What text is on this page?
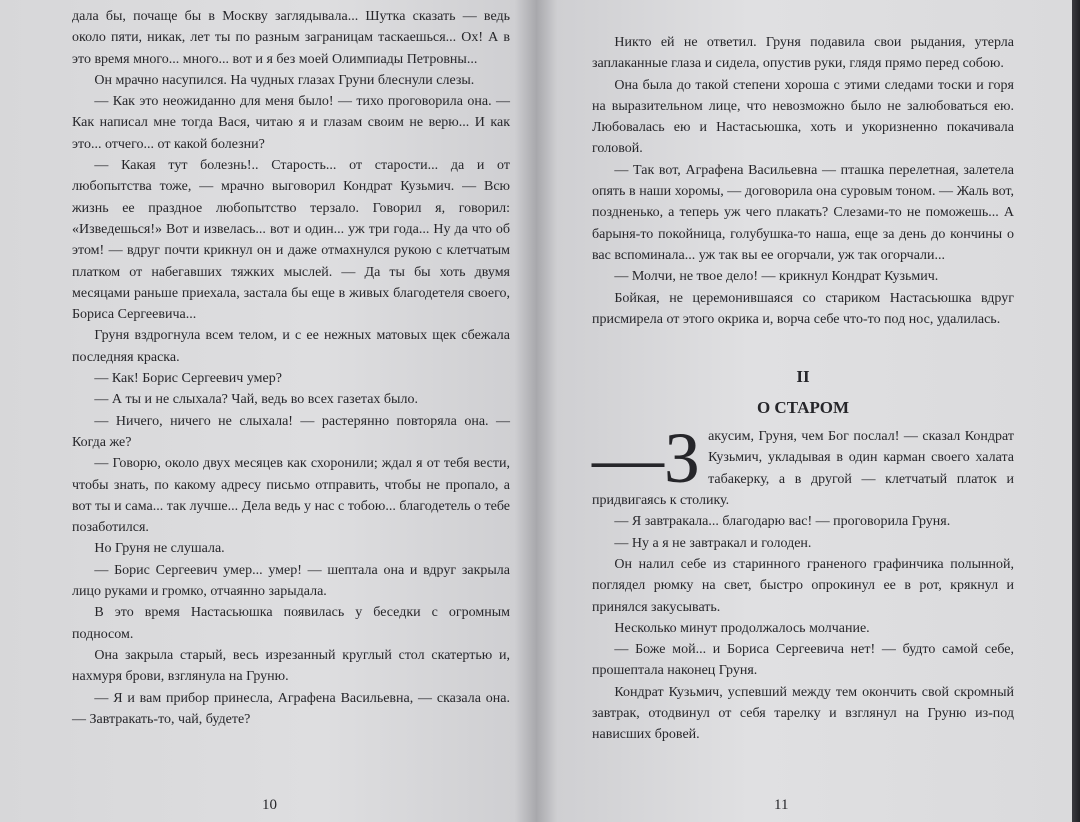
дала бы, почаще бы в Москву заглядывала... Шутка сказать — ведь около пяти, никак, лет ты по разным заграницам таскаешься... Ох! А в это время много... много... вот и я без моей Олимпиады Петровны...

Он мрачно насупился. На чудных глазах Груни блеснули слезы.

— Как это неожиданно для меня было! — тихо проговорила она. — Как написал мне тогда Вася, читаю я и глазам своим не верю... И как это... отчего... от какой болезни?

— Какая тут болезнь!.. Старость... от старости... да и от любопытства тоже, — мрачно выговорил Кондрат Кузьмич. — Всю жизнь ее праздное любопытство терзало. Говорил я, говорил: «Изведешься!» Вот и извелась... вот и один... уж три года... Ну да что об этом! — вдруг почти крикнул он и даже отмахнулся рукою с клетчатым платком от набегавших тяжких мыслей. — Да ты бы хоть двумя месяцами раньше приехала, застала бы еще в живых благодетеля своего, Бориса Сергеевича...

Груня вздрогнула всем телом, и с ее нежных матовых щек сбежала последняя краска.

— Как! Борис Сергеевич умер?

— А ты и не слыхала? Чай, ведь во всех газетах было.

— Ничего, ничего не слыхала! — растерянно повторяла она. — Когда же?

— Говорю, около двух месяцев как схоронили; ждал я от тебя вести, чтобы знать, по какому адресу письмо отправить, чтобы не пропало, а вот ты и сама... так лучше... Дела ведь у нас с тобою... благодетель о тебе позаботился.

Но Груня не слушала.

— Борис Сергеевич умер... умер! — шептала она и вдруг закрыла лицо руками и громко, отчаянно зарыдала.

В это время Настасьюшка появилась у беседки с огромным подносом.

Она закрыла старый, весь изрезанный круглый стол скатертью и, нахмуря брови, взглянула на Груню.

— Я и вам прибор принесла, Аграфена Васильевна, — сказала она. — Завтракать-то, чай, будете?

10

Никто ей не ответил. Груня подавила свои рыдания, утерла заплаканные глаза и сидела, опустив руки, глядя прямо перед собою.

Она была до такой степени хороша с этими следами тоски и горя на выразительном лице, что невозможно было не залюбоваться ею. Любовалась ею и Настасьюшка, хоть и укоризненно покачивала головой.

— Так вот, Аграфена Васильевна — пташка перелетная, залетела опять в наши хоромы, — договорила она суровым тоном. — Жаль вот, поздненько, а теперь уж чего плакать? Слезами-то не поможешь... А барыня-то покойница, голубушка-то наша, еще за день до кончины о вас вспоминала... уж так вы ее огорчали, уж так огорчали...

— Молчи, не твое дело! — крикнул Кондрат Кузьмич.

Бойкая, не церемонившаяся со стариком Настасьюшка вдруг присмирела от этого окрика и, ворча себе что-то под нос, удалилась.

II
О СТАРОМ

—З акусим, Груня, чем Бог послал! — сказал Кондрат Кузьмич, укладывая в один карман своего халата табакерку, а в другой — клетчатый платок и придвигаясь к столику.

— Я завтракала... благодарю вас! — проговорила Груня.

— Ну а я не завтракал и голоден.

Он налил себе из старинного граненого графинчика полынной, поглядел рюмку на свет, быстро опрокинул ее в рот, крякнул и принялся закусывать.

Несколько минут продолжалось молчание.

— Боже мой... и Бориса Сергеевича нет! — будто самой себе, прошептала наконец Груня.

Кондрат Кузьмич, успевший между тем окончить свой скромный завтрак, отодвинул от себя тарелку и взглянул на Груню из-под нависших бровей.

11
